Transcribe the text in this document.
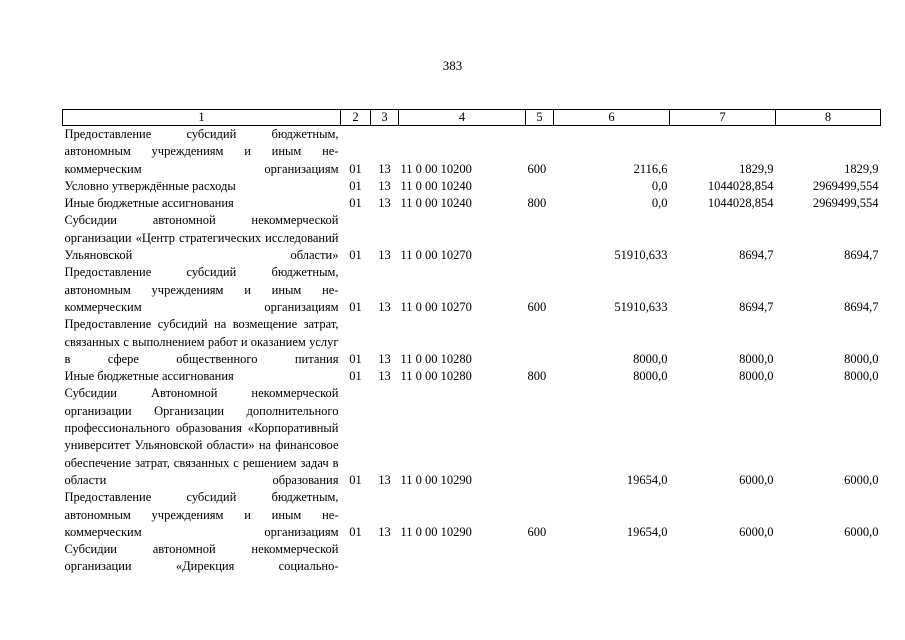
383
1	2	3	4	5	6	7	8
Предоставление субсидий бюджетным, автономным учреждениям и иным некоммерческим организациям	01	13	11 0 00 10200	600	2116,6	1829,9	1829,9
Условно утверждённые расходы	01	13	11 0 00 10240		0,0	1044028,854	2969499,554
Иные бюджетные ассигнования	01	13	11 0 00 10240	800	0,0	1044028,854	2969499,554
Субсидии автономной некоммерческой организации «Центр стратегических исследований Ульяновской области»	01	13	11 0 00 10270		51910,633	8694,7	8694,7
Предоставление субсидий бюджетным, автономным учреждениям и иным некоммерческим организациям	01	13	11 0 00 10270	600	51910,633	8694,7	8694,7
Предоставление субсидий на возмещение затрат, связанных с выполнением работ и оказанием услуг в сфере общественного питания	01	13	11 0 00 10280		8000,0	8000,0	8000,0
Иные бюджетные ассигнования	01	13	11 0 00 10280	800	8000,0	8000,0	8000,0
Субсидии Автономной некоммерческой организации Организации дополнительного профессионального образования «Корпоративный университет Ульяновской области» на финансовое обеспечение затрат, связанных с решением задач в области образования	01	13	11 0 00 10290		19654,0	6000,0	6000,0
Предоставление субсидий бюджетным, автономным учреждениям и иным некоммерческим организациям	01	13	11 0 00 10290	600	19654,0	6000,0	6000,0
Субсидии автономной некоммерческой организации «Дирекция социально-							
